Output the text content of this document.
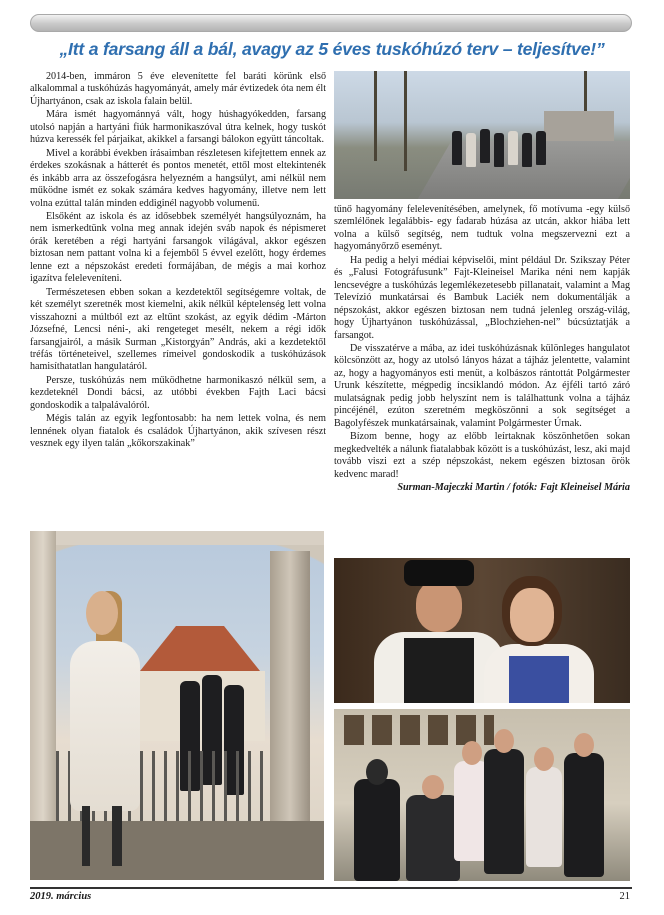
„Itt a farsang áll a bál, avagy az 5 éves tuskóhúzó terv – teljesítve!”

2014-ben, immáron 5 éve elevenítette fel baráti körünk első alkalommal a tuskóhúzás hagyományát, amely már évtizedek óta nem élt Újhartyánon, csak az iskola falain belül.

Mára ismét hagyománnyá vált, hogy húshagyókedden, farsang utolsó napján a hartyáni fiúk harmonikaszóval útra kelnek, hogy tuskót húzva keressék fel párjaikat, akikkel a farsangi bálokon együtt táncoltak.

Mivel a korábbi években írásaimban részletesen kifejtettem ennek az érdekes szokásnak a hátterét és pontos menetét, ettől most eltekintenék és inkább arra az összefogásra helyezném a hangsúlyt, ami nélkül nem működne ismét ez sokak számára kedves hagyomány, illetve nem lett volna ezúttal talán minden eddiginél nagyobb volumenű.

Elsőként az iskola és az idősebbek személyét hangsúlyoznám, ha nem ismerkedtünk volna meg annak idején sváb napok és népismeret órák keretében a régi hartyáni farsangok világával, akkor egészen biztosan nem pattant volna ki a fejemből 5 évvel ezelőtt, hogy érdemes lenne ezt a népszokást eredeti formájában, de mégis a mai korhoz igazítva feleleveníteni.

Természetesen ebben sokan a kezdetektől segítségemre voltak, de két személyt szeretnék most kiemelni, akik nélkül képtelenség lett volna visszahozni a múltból ezt az eltűnt szokást, az egyik dédim -Márton Józsefné, Lencsi néni-, aki rengeteget mesélt, nekem a régi idők farsangjairól, a másik Surman „Kistorgyán” András, aki a kezdetektől tréfás történeteivel, szellemes rímeivel gondoskodik a tuskóhúzások hamisíthatatlan hangulatáról.

Persze, tuskóhúzás nem működhetne harmonikaszó nélkül sem, a kezdeteknél Dondi bácsi, az utóbbi években Fajth Laci bácsi gondoskodik a talpalávalóról.

Mégis talán az egyik legfontosabb: ha nem lettek volna, és nem lennének olyan fiatalok és családok Újhartyánon, akik szívesen részt vesznek egy ilyen talán „kőkorszakinak”

tűnő hagyomány felelevenítésében, amelynek, fő motívuma -egy külső szemlélőnek legalábbis- egy fadarab húzása az utcán, akkor hiába lett volna a külső segítség, nem tudtuk volna megszervezni ezt a hagyományőrző eseményt.

Ha pedig a helyi médiai képviselői, mint például Dr. Szikszay Péter és „Falusi Fotográfusunk” Fajt-Kleineisel Marika néni nem kapják lencsevégre a tuskóhúzás legemlékezetesebb pillanatait, valamint a Mag Televízió munkatársai és Bambuk Laciék nem dokumentálják a népszokást, akkor egészen biztosan nem tudná jelenleg ország-világ, hogy Újhartyánon tuskóhúzással, „Blochziehen-nel” búcsúztatják a farsangot.

De visszatérve a mába, az idei tuskóhúzásnak különleges hangulatot kölcsönzött az, hogy az utolsó lányos házat a tájház jelentette, valamint az, hogy a hagyományos esti menüt, a kolbászos rántottát Polgármester Urunk készítette, mégpedig íncsiklandó módon. Az éjféli tartó záró mulatságnak pedig jobb helyszínt nem is találhattunk volna a tájház pincéjénél, ezúton szeretném megköszönni a sok segítséget a Bagolyfészek munkatársainak, valamint Polgármester Úrnak.

Bízom benne, hogy az előbb leírtaknak köszönhetően sokan megkedvelték a nálunk fiatalabbak között is a tuskóhúzást, lesz, aki majd tovább viszi ezt a szép népszokást, nekem egészen biztosan örök kedvenc marad!

Surman-Majeczki Martin / fotók: Fajt Kleineisel Mária

2019. március	21
